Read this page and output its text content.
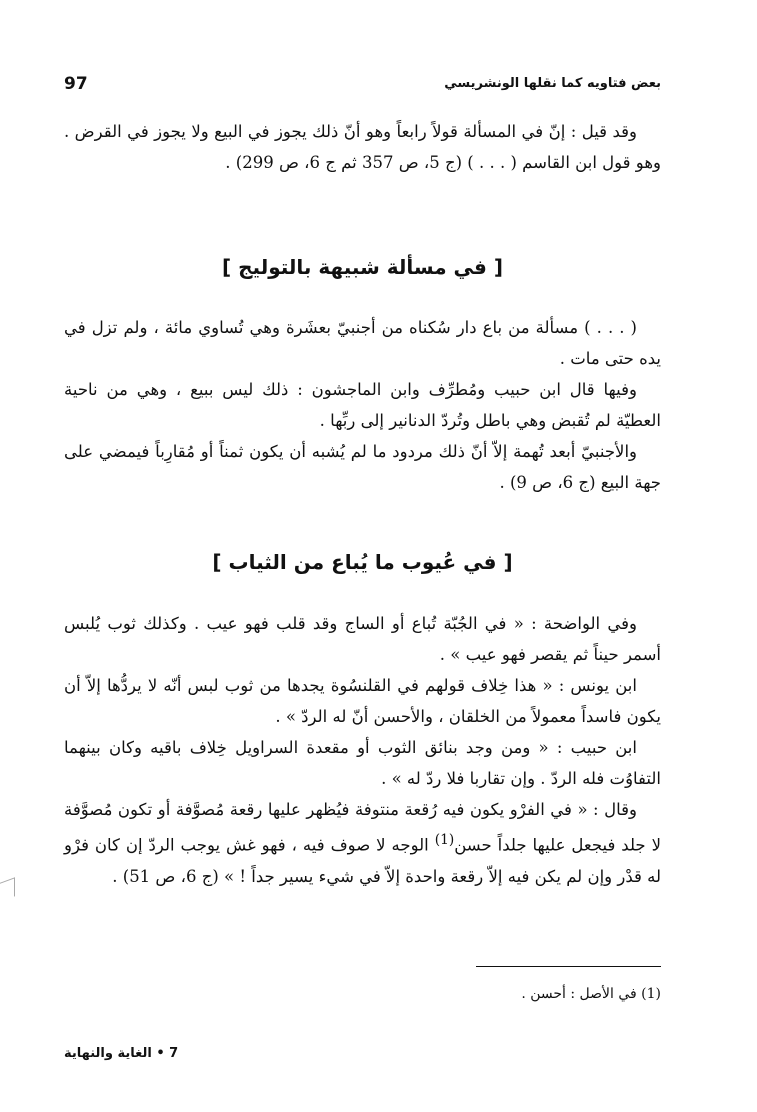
97	بعض فتاويه كما نقلها الونشريسي

وقد قيل : إنّ في المسألة قولاً رابعاً وهو أنّ ذلك يجوز في البيع ولا يجوز في القرض . وهو قول ابن القاسم ( . . . ) (ج 5، ص 357 ثم ج 6، ص 299) .

[ في مسألة شبيهة بالتوليج ]

( . . . ) مسألة من باع دار سُكناه من أجنبيّ بعشَرة وهي تُساوي مائة ، ولم تزل في يده حتى مات .

وفيها قال ابن حبيب ومُطرِّف وابن الماجشون : ذلك ليس ببيع ، وهي من ناحية العطيّة لم تُقبض وهي باطل وتُردّ الدنانير إلى ربِّها .

والأجنبيّ أبعد تُهمة إلاّ أنّ ذلك مردود ما لم يُشبه أن يكون ثمناً أو مُقارِباً فيمضي على جهة البيع (ج 6، ص 9) .

[ في عُيوب ما يُباع من الثياب ]

وفي الواضحة : « في الجُبّة تُباع أو الساج وقد قلب فهو عيب . وكذلك ثوب يُلبس أسمر حيناً ثم يقصر فهو عيب » .

ابن يونس : « هذا خِلاف قولهم في القلنسُوة يجدها من ثوب لبس أنّه لا يردُّها إلاّ أن يكون فاسداً معمولاً من الخلقان ، والأحسن أنّ له الردّ » .

ابن حبيب : « ومن وجد بنائق الثوب أو مقعدة السراويل خِلاف باقيه وكان بينهما التفاوُت فله الردّ . وإن تقاربا فلا ردّ له » .

وقال : « في الفرْو يكون فيه رُقعة منتوفة فيُظهر عليها رقعة مُصوَّفة أو تكون مُصوَّفة لا جلد فيجعل عليها جلداً حسن$^{(1)}$ الوجه لا صوف فيه ، فهو غش يوجب الردّ إن كان فرْو له قدْر وإن لم يكن فيه إلاّ رقعة واحدة إلاّ في شيء يسير جداً ! » (ج 6، ص 51) .

(1) في الأصل : أحسن .
7 • الغاية والنهاية
